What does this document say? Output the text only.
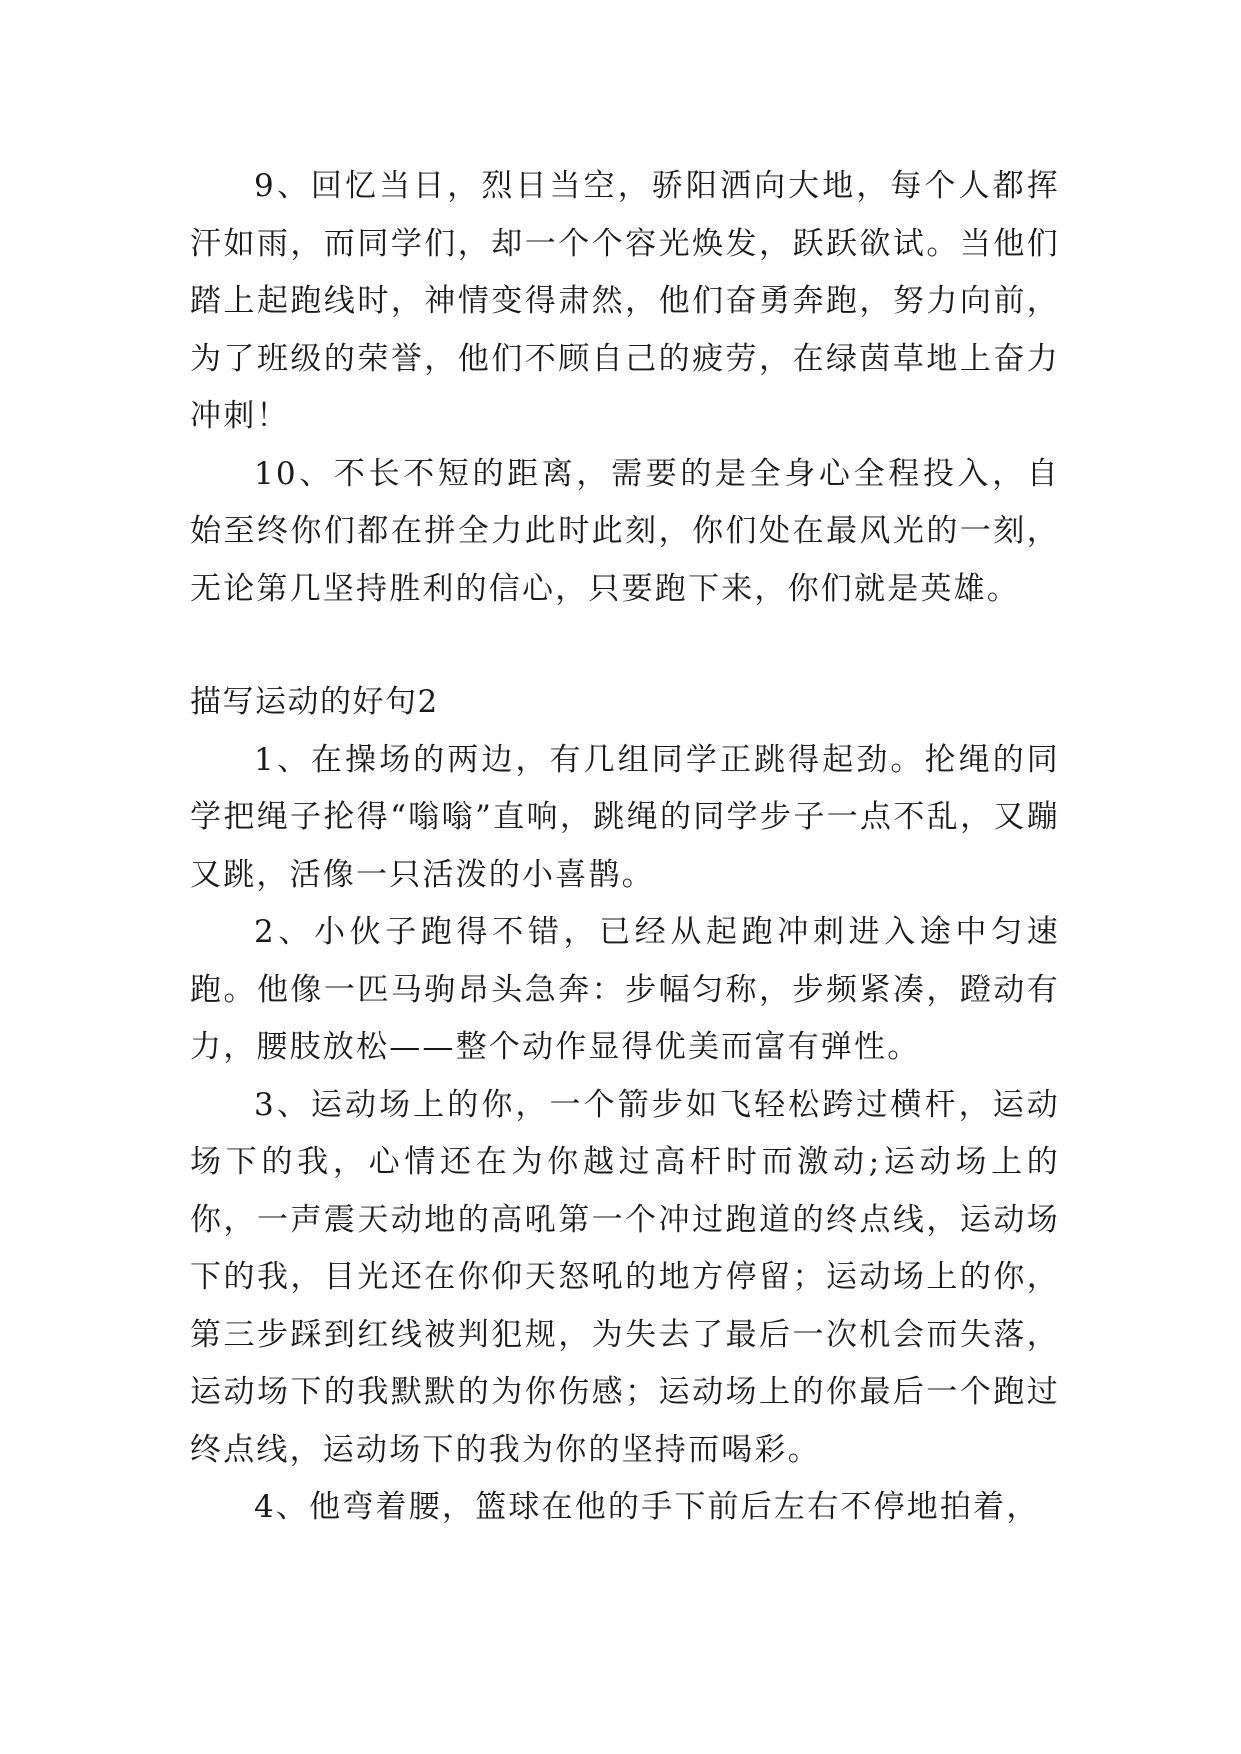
9、回忆当日，烈日当空，骄阳洒向大地，每个人都挥汗如雨，而同学们，却一个个容光焕发，跃跃欲试。当他们踏上起跑线时，神情变得肃然，他们奋勇奔跑，努力向前，为了班级的荣誉，他们不顾自己的疲劳，在绿茵草地上奋力冲刺！

10、不长不短的距离，需要的是全身心全程投入，自始至终你们都在拼全力此时此刻，你们处在最风光的一刻，无论第几坚持胜利的信心，只要跑下来，你们就是英雄。

描写运动的好句2

1、在操场的两边，有几组同学正跳得起劲。抡绳的同学把绳子抡得“嗡嗡”直响，跳绳的同学步子一点不乱，又蹦又跳，活像一只活泼的小喜鹊。

2、小伙子跑得不错，已经从起跑冲刺进入途中匀速跑。他像一匹马驹昂头急奔：步幅匀称，步频紧凑，蹬动有力，腰肢放松——整个动作显得优美而富有弹性。

3、运动场上的你，一个箭步如飞轻松跨过横杆，运动场下的我，心情还在为你越过高杆时而激动;运动场上的你，一声震天动地的高吼第一个冲过跑道的终点线，运动场下的我，目光还在你仰天怒吼的地方停留；运动场上的你，第三步踩到红线被判犯规，为失去了最后一次机会而失落，运动场下的我默默的为你伤感；运动场上的你最后一个跑过终点线，运动场下的我为你的坚持而喝彩。

4、他弯着腰，篮球在他的手下前后左右不停地拍着，
